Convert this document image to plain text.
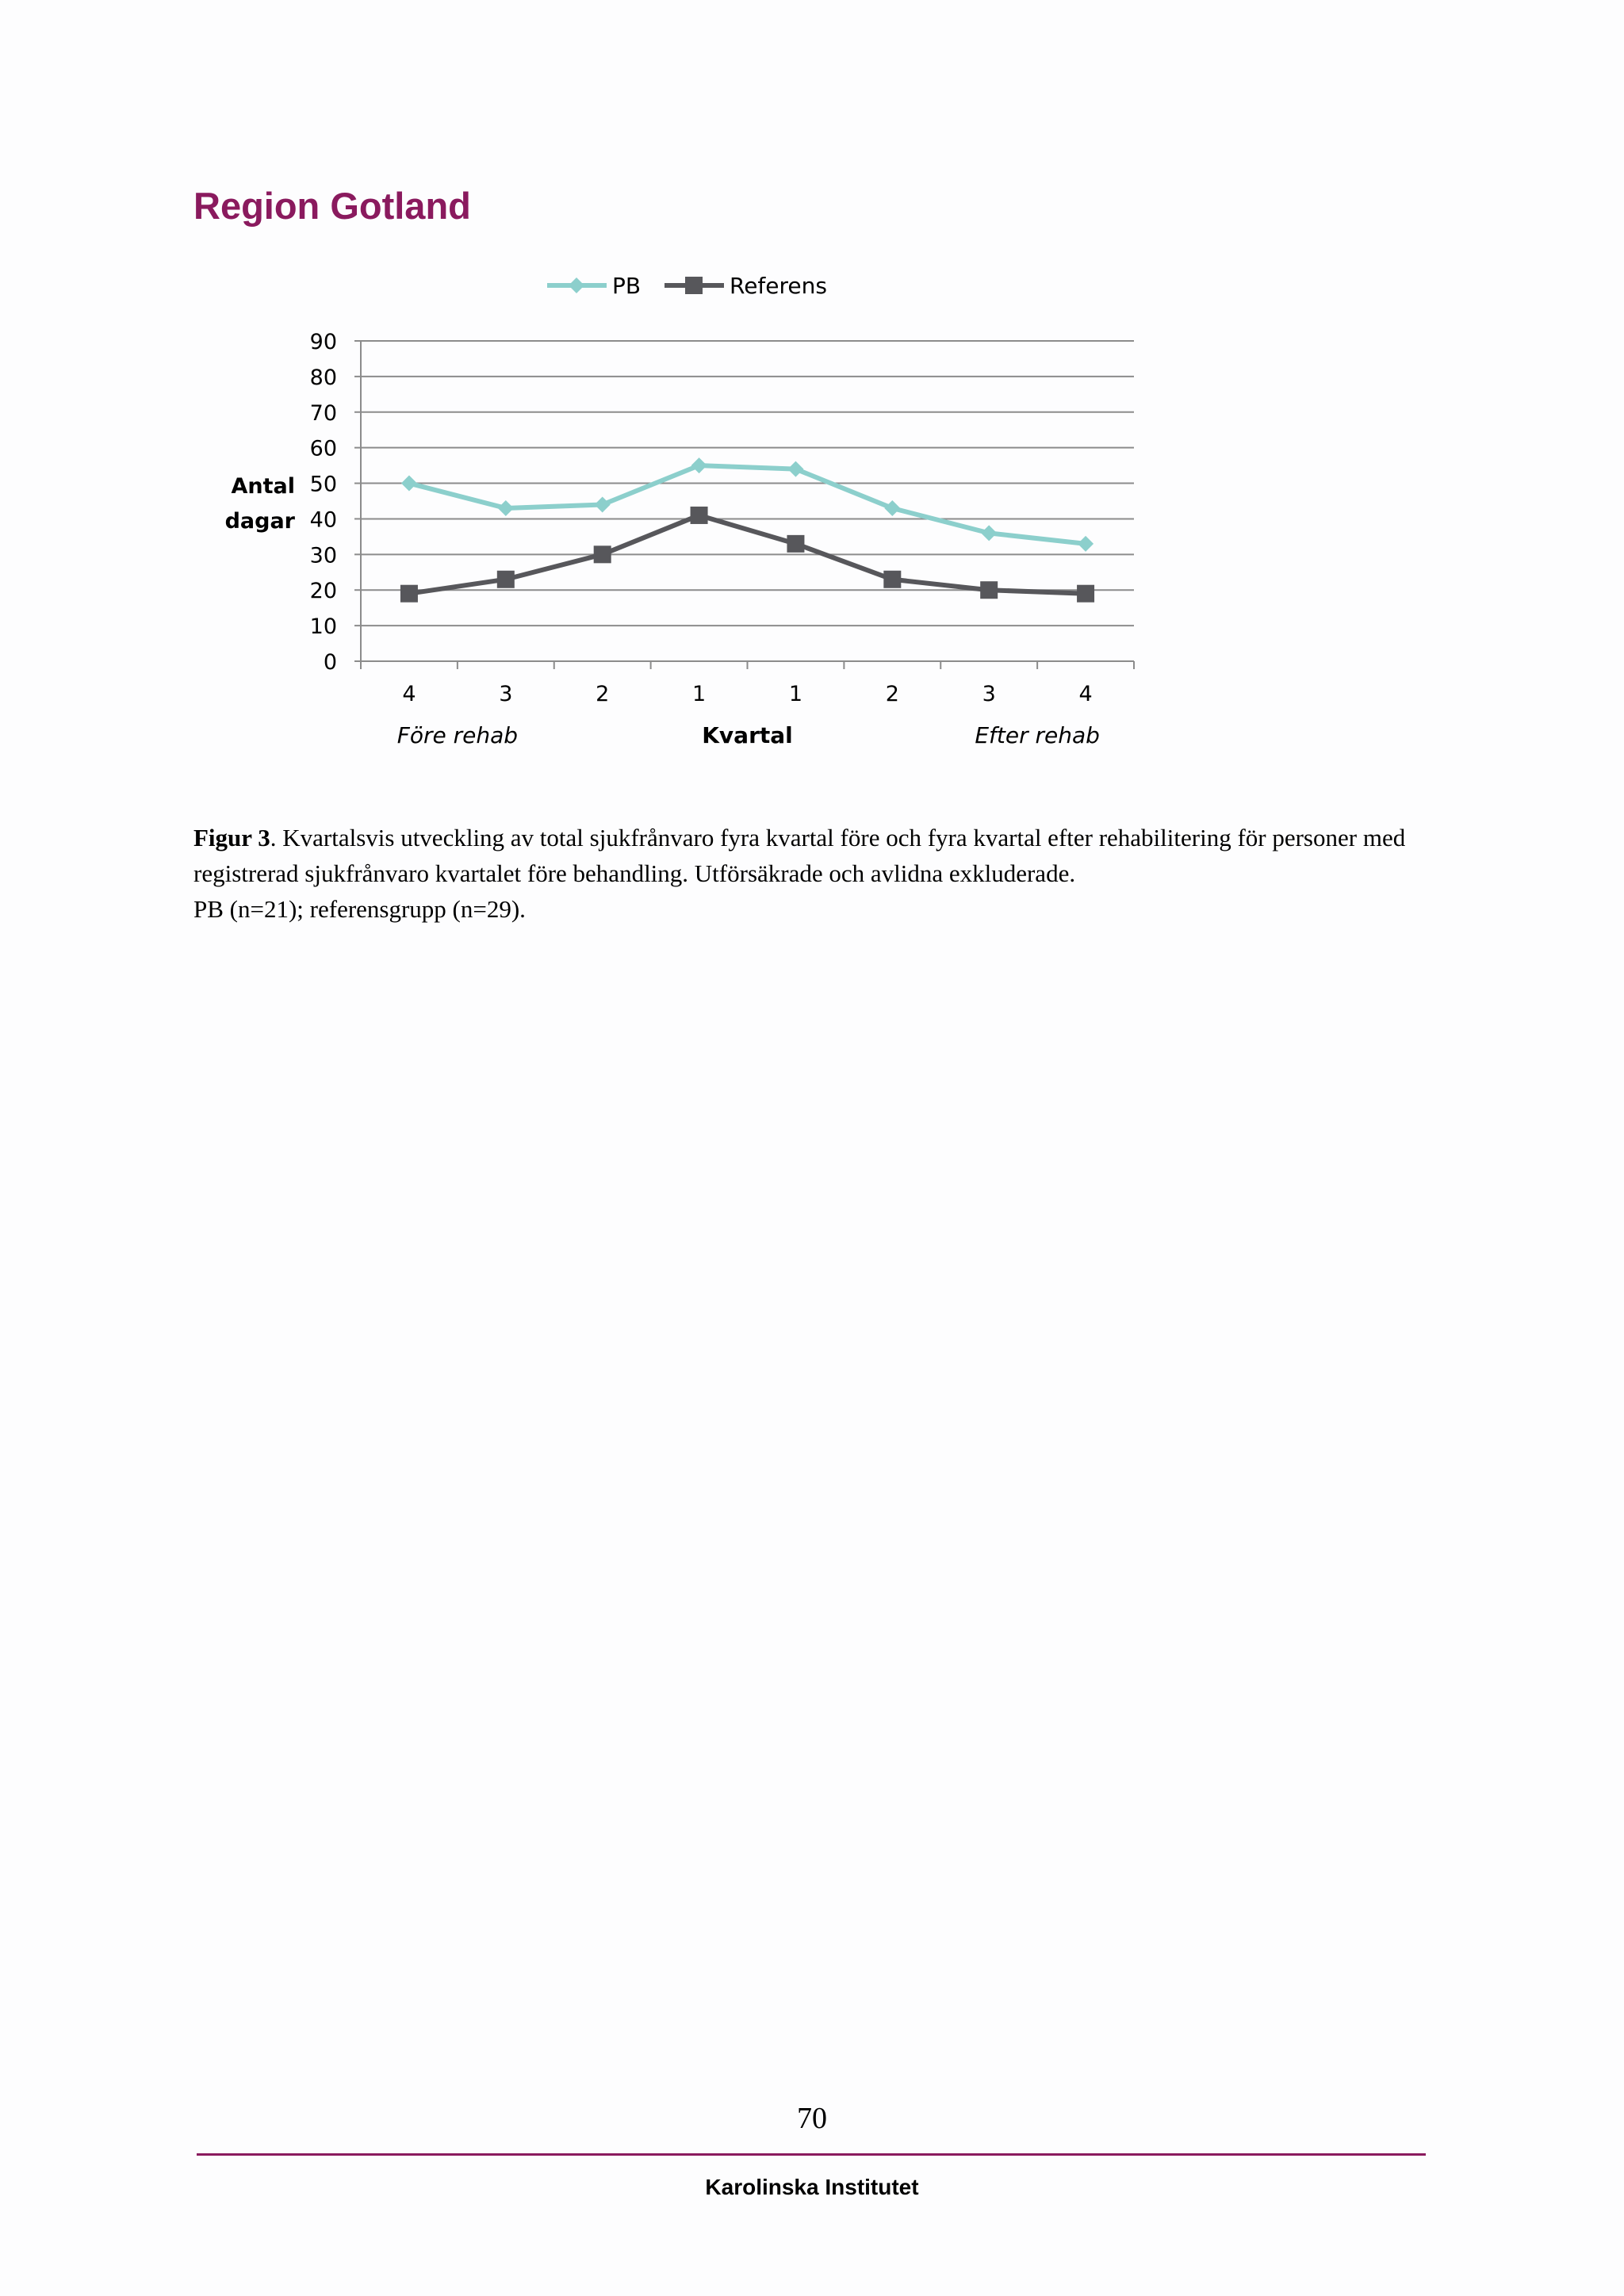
Region Gotland
PB	Referens
0
10
20
30
40
50
60
70
80
90
4	3	2	1	1	2	3	4
Före rehab	Kvartal	Efter rehab
Antal
dagar

Figur 3. Kvartalsvis utveckling av total sjukfrånvaro fyra kvartal före och fyra kvartal efter rehabilitering för personer med registrerad sjukfrånvaro kvartalet före behandling. Utförsäkrade och avlidna exkluderade.
PB (n=21); referensgrupp (n=29).

70
Karolinska Institutet
